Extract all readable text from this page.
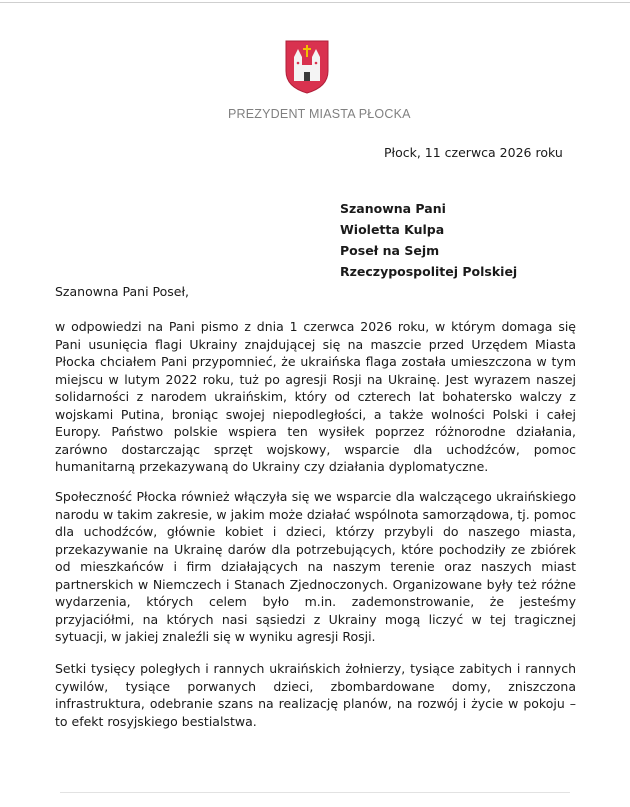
PREZYDENT MIASTA PŁOCKA
Płock, 11 czerwca 2026 roku
Szanowna Pani
Wioletta Kulpa
Poseł na Sejm
Rzeczypospolitej Polskiej
Szanowna Pani Poseł,
w odpowiedzi na Pani pismo z dnia 1 czerwca 2026 roku, w którym domaga się Pani usunięcia flagi Ukrainy znajdującej się na maszcie przed Urzędem Miasta Płocka chciałem Pani przypomnieć, że ukraińska flaga została umieszczona w tym miejscu w lutym 2022 roku, tuż po agresji Rosji na Ukrainę. Jest wyrazem naszej solidarności z narodem ukraińskim, który od czterech lat bohatersko walczy z wojskami Putina, broniąc swojej niepodległości, a także wolności Polski i całej Europy. Państwo polskie wspiera ten wysiłek poprzez różnorodne działania, zarówno dostarczając sprzęt wojskowy, wsparcie dla uchodźców, pomoc humanitarną przekazywaną do Ukrainy czy działania dyplomatyczne.
Społeczność Płocka również włączyła się we wsparcie dla walczącego ukraińskiego narodu w takim zakresie, w jakim może działać wspólnota samorządowa, tj. pomoc dla uchodźców, głównie kobiet i dzieci, którzy przybyli do naszego miasta, przekazywanie na Ukrainę darów dla potrzebujących, które pochodziły ze zbiórek od mieszkańców i firm działających na naszym terenie oraz naszych miast partnerskich w Niemczech i Stanach Zjednoczonych. Organizowane były też różne wydarzenia, których celem było m.in. zademonstrowanie, że jesteśmy przyjaciółmi, na których nasi sąsiedzi z Ukrainy mogą liczyć w tej tragicznej sytuacji, w jakiej znaleźli się w wyniku agresji Rosji.
Setki tysięcy poległych i rannych ukraińskich żołnierzy, tysiące zabitych i rannych cywilów, tysiące porwanych dzieci, zbombardowane domy, zniszczona infrastruktura, odebranie szans na realizację planów, na rozwój i życie w pokoju – to efekt rosyjskiego bestialstwa.
